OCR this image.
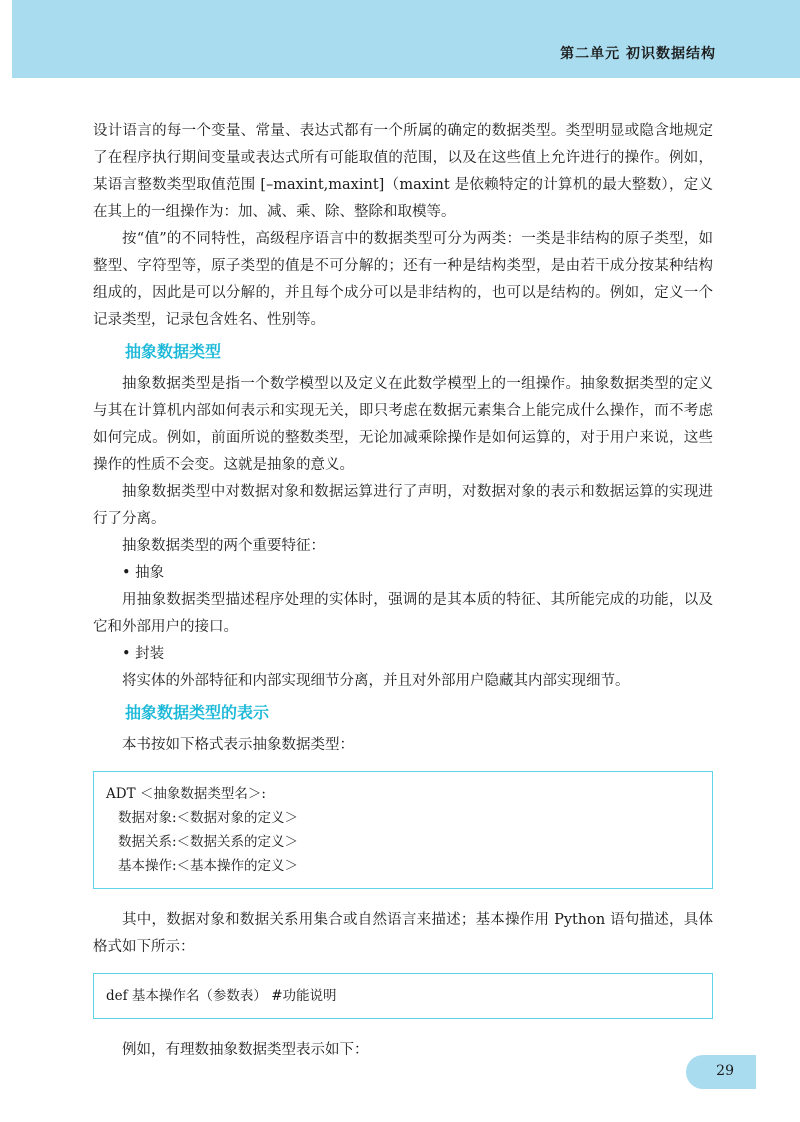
第二单元 初识数据结构

设计语言的每一个变量、常量、表达式都有一个所属的确定的数据类型。类型明显或隐含地规定了在程序执行期间变量或表达式所有可能取值的范围，以及在这些值上允许进行的操作。例如，某语言整数类型取值范围 [–maxint,maxint]（maxint 是依赖特定的计算机的最大整数），定义在其上的一组操作为：加、减、乘、除、整除和取模等。

按“值”的不同特性，高级程序语言中的数据类型可分为两类：一类是非结构的原子类型，如整型、字符型等，原子类型的值是不可分解的；还有一种是结构类型，是由若干成分按某种结构组成的，因此是可以分解的，并且每个成分可以是非结构的，也可以是结构的。例如，定义一个记录类型，记录包含姓名、性别等。

抽象数据类型

抽象数据类型是指一个数学模型以及定义在此数学模型上的一组操作。抽象数据类型的定义与其在计算机内部如何表示和实现无关，即只考虑在数据元素集合上能完成什么操作，而不考虑如何完成。例如，前面所说的整数类型，无论加减乘除操作是如何运算的，对于用户来说，这些操作的性质不会变。这就是抽象的意义。

抽象数据类型中对数据对象和数据运算进行了声明，对数据对象的表示和数据运算的实现进行了分离。

抽象数据类型的两个重要特征：

• 抽象

用抽象数据类型描述程序处理的实体时，强调的是其本质的特征、其所能完成的功能，以及它和外部用户的接口。

• 封装

将实体的外部特征和内部实现细节分离，并且对外部用户隐藏其内部实现细节。

抽象数据类型的表示

本书按如下格式表示抽象数据类型：

ADT ＜抽象数据类型名＞:

数据对象:＜数据对象的定义＞

数据关系:＜数据关系的定义＞

基本操作:＜基本操作的定义＞

其中，数据对象和数据关系用集合或自然语言来描述；基本操作用 Python 语句描述，具体格式如下所示：

def 基本操作名（参数表） #功能说明

例如，有理数抽象数据类型表示如下：

29
